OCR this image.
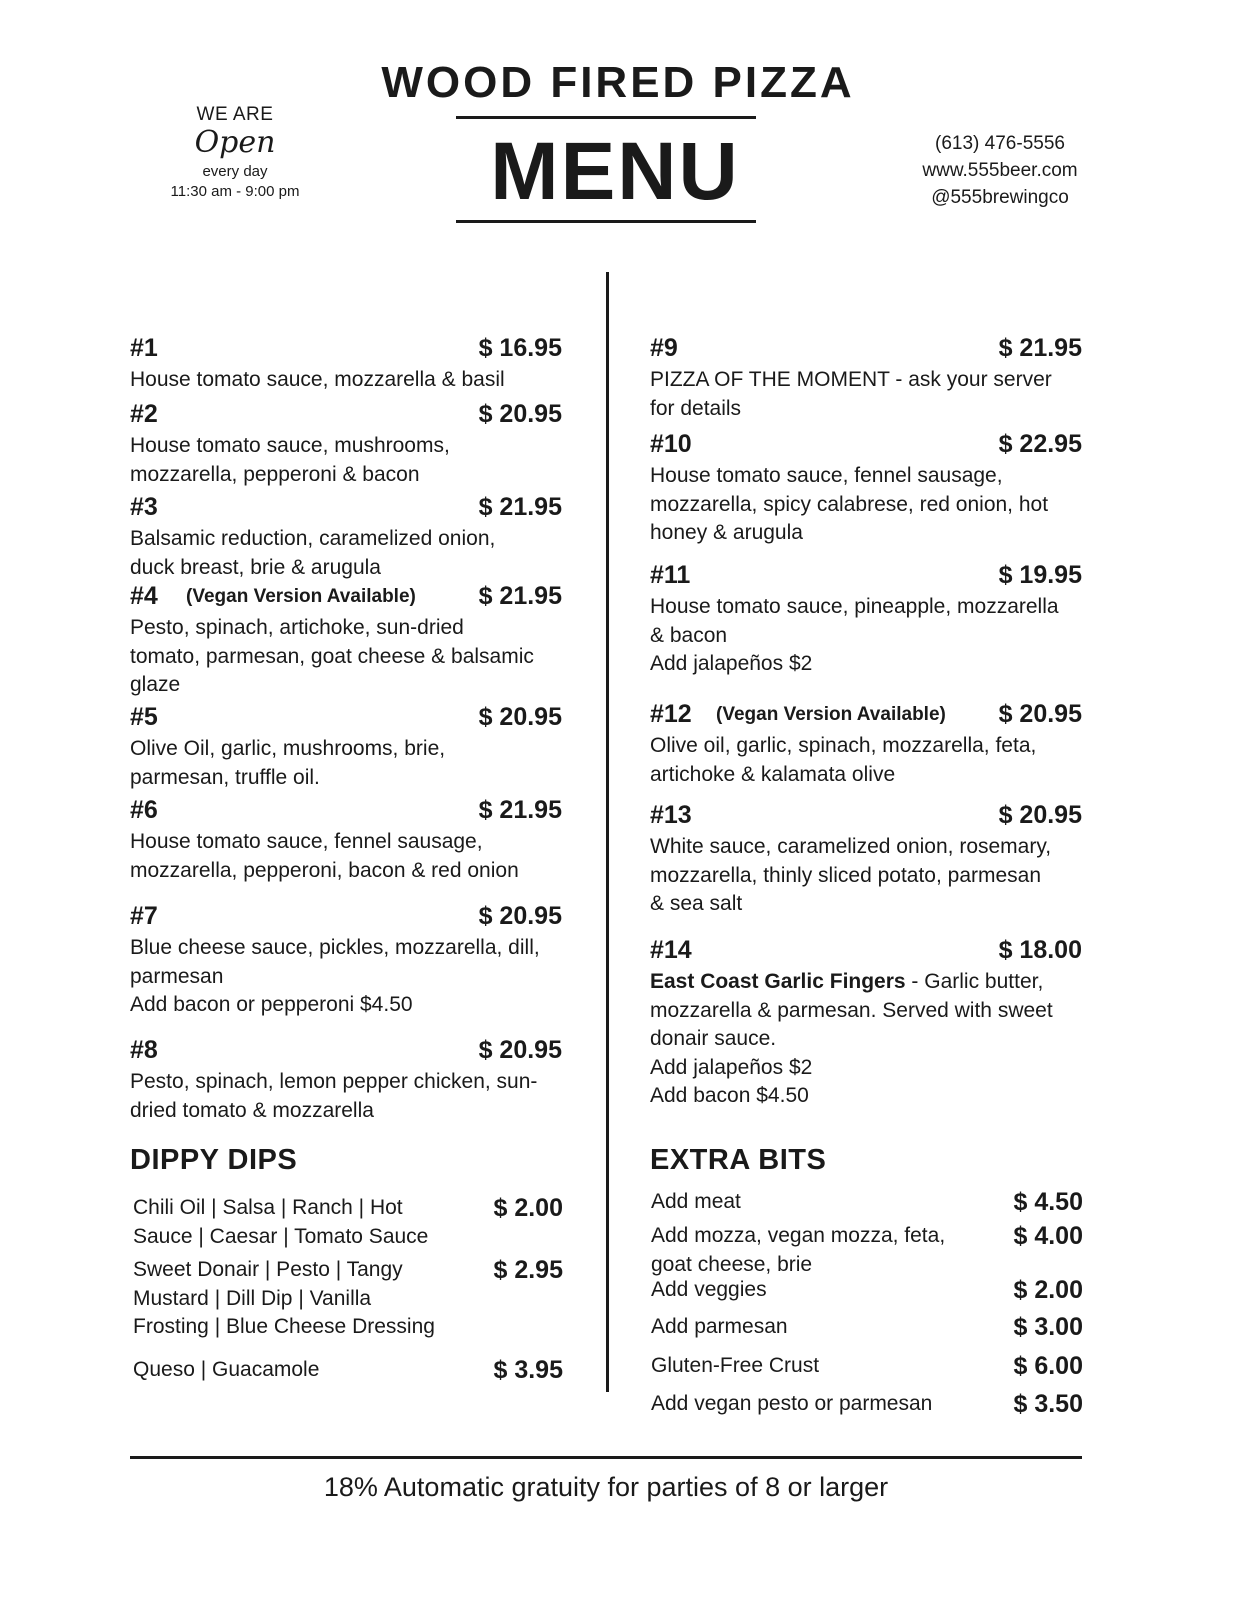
WE ARE
Open
every day
11:30 am - 9:00 pm
WOOD FIRED PIZZA
MENU	(613) 476-5556
www.555beer.com
@555brewingco
#1	$ 16.95
House tomato sauce, mozzarella & basil
#2	$ 20.95
House tomato sauce, mushrooms,
mozzarella, pepperoni & bacon
#3	$ 21.95
Balsamic reduction, caramelized onion,
duck breast, brie & arugula
#4 (Vegan Version Available)	$ 21.95
Pesto, spinach, artichoke, sun-dried
tomato, parmesan, goat cheese & balsamic
glaze
#5	$ 20.95
Olive Oil, garlic, mushrooms, brie,
parmesan, truffle oil.
#6	$ 21.95
House tomato sauce, fennel sausage,
mozzarella, pepperoni, bacon & red onion
#7	$ 20.95
Blue cheese sauce, pickles, mozzarella, dill,
parmesan
Add bacon or pepperoni $4.50
#8	$ 20.95
Pesto, spinach, lemon pepper chicken, sun-
dried tomato & mozzarella
#9	$ 21.95
PIZZA OF THE MOMENT - ask your server
for details
#10	$ 22.95
House tomato sauce, fennel sausage,
mozzarella, spicy calabrese, red onion, hot
honey & arugula
#11	$ 19.95
House tomato sauce, pineapple, mozzarella
& bacon
Add jalapeños $2
#12 (Vegan Version Available) $ 20.95
Olive oil, garlic, spinach, mozzarella, feta,
artichoke & kalamata olive
#13	$ 20.95
White sauce, caramelized onion, rosemary,
mozzarella, thinly sliced potato, parmesan
& sea salt
#14	$ 18.00
East Coast Garlic Fingers - Garlic butter,
mozzarella & parmesan. Served with sweet
donair sauce.
Add jalapeños $2
Add bacon $4.50
DIPPY DIPS
Chili Oil | Salsa | Ranch | Hot
Sauce | Caesar | Tomato Sauce
$ 2.00
Sweet Donair | Pesto | Tangy
Mustard | Dill Dip | Vanilla
Frosting | Blue Cheese Dressing
$ 2.95
Queso | Guacamole	$ 3.95
EXTRA BITS
Add meat	$ 4.50
Add mozza, vegan mozza, feta,
goat cheese, brie
$ 4.00
Add veggies	$ 2.00
Add parmesan	$ 3.00
Gluten-Free Crust	$ 6.00
Add vegan pesto or parmesan	$ 3.50
18% Automatic gratuity for parties of 8 or larger
